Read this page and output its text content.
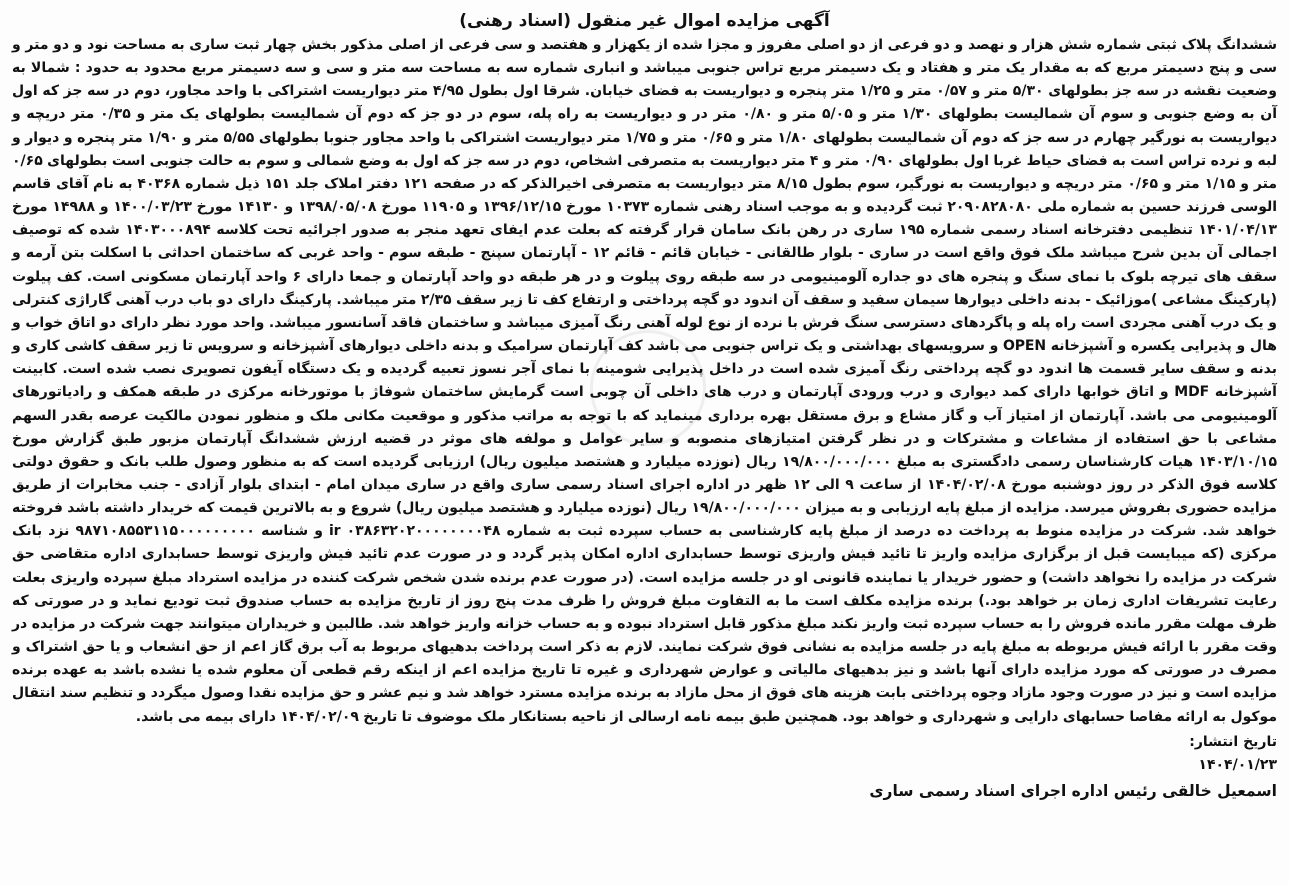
آگهی مزایده اموال غیر منقول (اسناد رهنی)

ششدانگ پلاک ثبتی شماره شش هزار و نهصد و دو فرعی از دو اصلی مفروز و مجزا شده از یکهزار و هفتصد و سی فرعی از اصلی مذکور بخش چهار ثبت ساری به مساحت نود و دو متر و سی و پنج دسیمتر مربع که به مقدار یک متر و هفتاد و یک دسیمتر مربع تراس جنوبی میباشد و انباری شماره سه به مساحت سه متر و سی و سه دسیمتر مربع محدود به حدود : شمالا به وضعیت نقشه در سه جز بطولهای ۵/۳۰ متر و ۰/۵۷ متر و ۱/۲۵ متر پنجره و دیواریست به فضای خیابان. شرقا اول بطول ۴/۹۵ متر دیواریست اشتراکی با واحد مجاور، دوم در سه جز که اول آن به وضع جنوبی و سوم آن شمالیست بطولهای ۱/۳۰ متر و ۵/۰۵ متر و ۰/۸۰ متر در و دیواریست به راه پله، سوم در دو جز که دوم آن شمالیست بطولهای یک متر و ۰/۳۵ متر دریچه و دیواریست به نورگیر چهارم در سه جز که دوم آن شمالیست بطولهای ۱/۸۰ متر و ۰/۶۵ متر و ۱/۷۵ متر دیواریست اشتراکی با واحد مجاور جنوبا بطولهای ۵/۵۵ متر و ۱/۹۰ متر پنجره و دیوار و لبه و نرده تراس است به فضای حیاط غربا اول بطولهای ۰/۹۰ متر و ۴ متر دیواریست به متصرفی اشخاص، دوم در سه جز که اول به وضع شمالی و سوم به حالت جنوبی است بطولهای ۰/۶۵ متر و ۱/۱۵ متر و ۰/۶۵ متر دریچه و دیواریست به نورگیر، سوم بطول ۸/۱۵ متر دیواریست به متصرفی اخیرالذکر که در صفحه ۱۲۱ دفتر املاک جلد ۱۵۱ ذیل شماره ۴۰۳۶۸ به نام آقای قاسم الوسی فرزند حسین به شماره ملی ۲۰۹۰۸۲۸۰۸۰ ثبت گردیده و به موجب اسناد رهنی شماره ۱۰۳۷۳ مورخ ۱۳۹۶/۱۲/۱۵ و ۱۱۹۰۵ مورخ ۱۳۹۸/۰۵/۰۸ و ۱۴۱۳۰ مورخ ۱۴۰۰/۰۳/۲۳ و ۱۴۹۸۸ مورخ ۱۴۰۱/۰۴/۱۳ تنظیمی دفترخانه اسناد رسمی شماره ۱۹۵ ساری در رهن بانک سامان قرار گرفته که بعلت عدم ایفای تعهد منجر به صدور اجرائیه تحت کلاسه ۱۴۰۳۰۰۰۸۹۴ شده که توصیف اجمالی آن بدین شرح میباشد ملک فوق واقع است در ساری - بلوار طالقانی - خیابان قائم - قائم ۱۲ - آپارتمان سپنج - طبقه سوم - واحد غربی که ساختمان احداثی با اسکلت بتن آرمه و سقف های تیرچه بلوک با نمای سنگ و پنجره های دو جداره آلومینیومی در سه طبقه روی پیلوت و در هر طبقه دو واحد آپارتمان و جمعا دارای ۶ واحد آپارتمان مسکونی است. کف پیلوت (پارکینگ مشاعی )موزائیک - بدنه داخلی دیوارها سیمان سفید و سقف آن اندود دو گچه پرداختی و ارتفاع کف تا زیر سقف ۲/۳۵ متر میباشد. پارکینگ دارای دو باب درب آهنی گاراژی کنترلی و یک درب آهنی مجردی است راه پله و پاگردهای دسترسی سنگ فرش با نرده از نوع لوله آهنی رنگ آمیزی میباشد و ساختمان فاقد آسانسور میباشد. واحد مورد نظر دارای دو اتاق خواب و هال و پذیرایی یکسره و آشپزخانه OPEN و سرویسهای بهداشتی و یک تراس جنوبی می باشد کف آپارتمان سرامیک و بدنه داخلی دیوارهای آشپزخانه و سرویس تا زیر سقف کاشی کاری و بدنه و سقف سایر قسمت ها اندود دو گچه پرداختی رنگ آمیزی شده است در داخل پذیرایی شومینه با نمای آجر نسوز تعبیه گردیده و یک دستگاه آیفون تصویری نصب شده است. کابینت آشپزخانه MDF و اتاق خوابها دارای کمد دیواری و درب ورودی آپارتمان و درب های داخلی آن چوبی است گرمایش ساختمان شوفاژ با موتورخانه مرکزی در طبقه همکف و رادیاتورهای آلومینیومی می باشد. آپارتمان از امتیاز آب و گاز مشاع و برق مستقل بهره برداری مینماید که با توجه به مراتب مذکور و موقعیت مکانی ملک و منظور نمودن مالکیت عرصه بقدر السهم مشاعی با حق استفاده از مشاعات و مشترکات و در نظر گرفتن امتیازهای منصوبه و سایر عوامل و مولفه های موثر در قضیه ارزش ششدانگ آپارتمان مزبور طبق گزارش مورخ ۱۴۰۳/۱۰/۱۵ هیات کارشناسان رسمی دادگستری به مبلغ ۱۹/۸۰۰/۰۰۰/۰۰۰ ریال (نوزده میلیارد و هشتصد میلیون ریال) ارزیابی گردیده است که به منظور وصول طلب بانک و حقوق دولتی کلاسه فوق الذکر در روز دوشنبه مورخ ۱۴۰۴/۰۲/۰۸ از ساعت ۹ الی ۱۲ ظهر در اداره اجرای اسناد رسمی ساری واقع در ساری میدان امام - ابتدای بلوار آزادی - جنب مخابرات از طریق مزایده حضوری بفروش میرسد. مزایده از مبلغ پایه ارزیابی و به میزان ۱۹/۸۰۰/۰۰۰/۰۰۰ ریال (نوزده میلیارد و هشتصد میلیون ریال) شروع و به بالاترین قیمت که خریدار داشته باشد فروخته خواهد شد. شرکت در مزایده منوط به پرداخت ده درصد از مبلغ پایه کارشناسی به حساب سپرده ثبت به شماره ۰۳۸۶۳۲۰۲۰۰۰۰۰۰۰۰۴۸ ir و شناسه ۹۸۷۱۰۸۵۵۳۱۱۵۰۰۰۰۰۰۰۰۰ نزد بانک مرکزی (که میبایست قبل از برگزاری مزایده واریز تا تائید فیش واریزی توسط حسابداری اداره امکان پذیر گردد و در صورت عدم تائید فیش واریزی توسط حسابداری اداره متقاضی حق شرکت در مزایده را نخواهد داشت) و حضور خریدار یا نماینده قانونی او در جلسه مزایده است. (در صورت عدم برنده شدن شخص شرکت کننده در مزایده استرداد مبلغ سپرده واریزی بعلت رعایت تشریفات اداری زمان بر خواهد بود.) برنده مزایده مکلف است ما به التفاوت مبلغ فروش را ظرف مدت پنج روز از تاریخ مزایده به حساب صندوق ثبت تودیع نماید و در صورتی که ظرف مهلت مقرر مانده فروش را به حساب سپرده ثبت واریز نکند مبلغ مذکور قابل استرداد نبوده و به حساب خزانه واریز خواهد شد. طالبین و خریداران میتوانند جهت شرکت در مزایده در وقت مقرر با ارائه فیش مربوطه به مبلغ پایه در جلسه مزایده به نشانی فوق شرکت نمایند. لازم به ذکر است پرداخت بدهیهای مربوط به آب برق گاز اعم از حق انشعاب و یا حق اشتراک و مصرف در صورتی که مورد مزایده دارای آنها باشد و نیز بدهیهای مالیاتی و عوارض شهرداری و غیره تا تاریخ مزایده اعم از اینکه رقم قطعی آن معلوم شده یا نشده باشد به عهده برنده مزایده است و نیز در صورت وجود مازاد وجوه پرداختی بابت هزینه های فوق از محل مازاد به برنده مزایده مسترد خواهد شد و نیم عشر و حق مزایده نقدا وصول میگردد و تنظیم سند انتقال موکول به ارائه مفاصا حسابهای دارایی و شهرداری و خواهد بود. همچنین طبق بیمه نامه ارسالی از ناحیه بستانکار ملک موضوف تا تاریخ ۱۴۰۴/۰۲/۰۹ دارای بیمه می باشد.

تاریخ انتشار:
۱۴۰۴/۰۱/۲۳
اسمعیل خالقی رئیس اداره اجرای اسناد رسمی ساری
